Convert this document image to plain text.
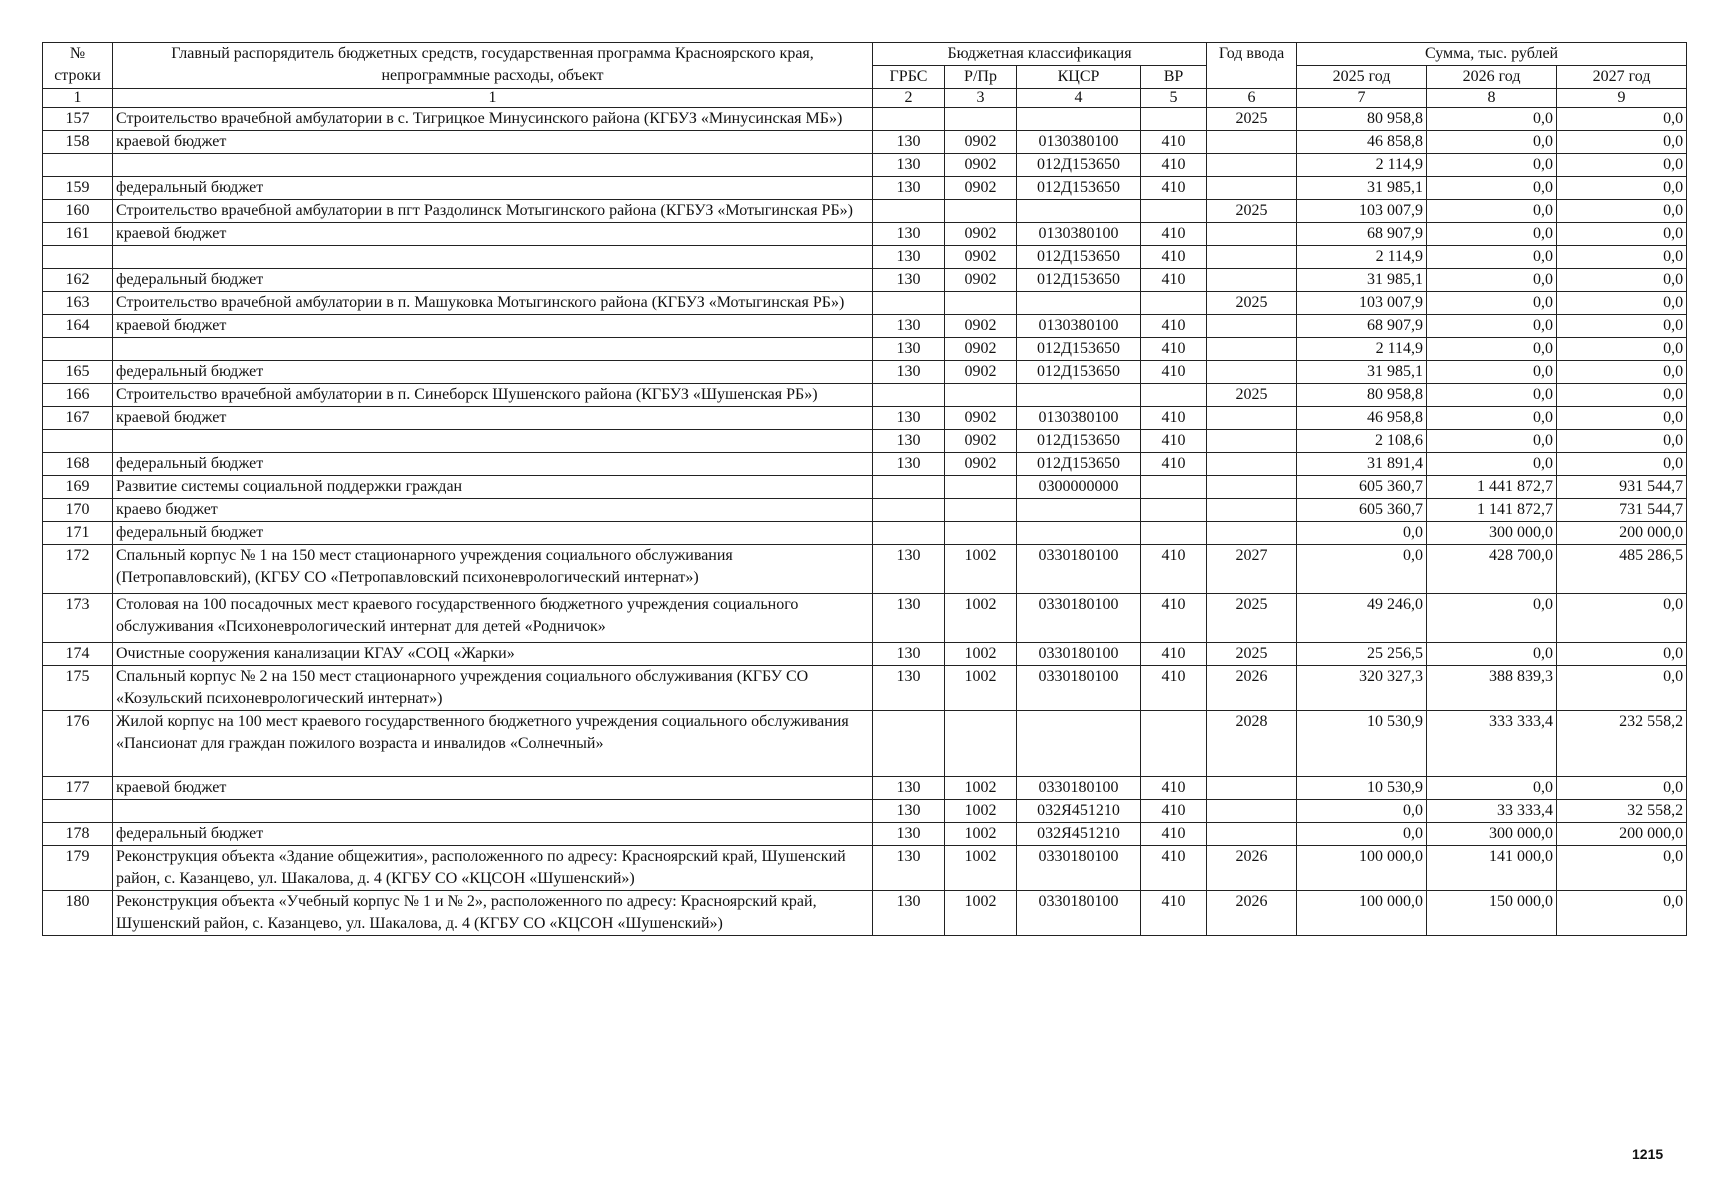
№ строки	Главный распорядитель бюджетных средств, государственная программа Красноярского края, непрограммные расходы, объект	Бюджетная классификация				Год ввода	Сумма, тыс. рублей		
		ГРБС	Р/Пр	КЦСР	ВР		2025 год	2026 год	2027 год
1	1	2	3	4	5	6	7	8	9
157	Строительство врачебной амбулатории в с. Тигрицкое Минусинского района (КГБУЗ «Минусинская МБ»)					2025	80 958,8	0,0	0,0
158	краевой бюджет	130	0902	0130380100	410		46 858,8	0,0	0,0
		130	0902	012Д153650	410		2 114,9	0,0	0,0
159	федеральный бюджет	130	0902	012Д153650	410		31 985,1	0,0	0,0
160	Строительство врачебной амбулатории в пгт Раздолинск Мотыгинского района (КГБУЗ «Мотыгинская РБ»)					2025	103 007,9	0,0	0,0
161	краевой бюджет	130	0902	0130380100	410		68 907,9	0,0	0,0
		130	0902	012Д153650	410		2 114,9	0,0	0,0
162	федеральный бюджет	130	0902	012Д153650	410		31 985,1	0,0	0,0
163	Строительство врачебной амбулатории в п. Машуковка Мотыгинского района (КГБУЗ «Мотыгинская РБ»)					2025	103 007,9	0,0	0,0
164	краевой бюджет	130	0902	0130380100	410		68 907,9	0,0	0,0
		130	0902	012Д153650	410		2 114,9	0,0	0,0
165	федеральный бюджет	130	0902	012Д153650	410		31 985,1	0,0	0,0
166	Строительство врачебной амбулатории в п. Синеборск Шушенского района (КГБУЗ «Шушенская РБ»)					2025	80 958,8	0,0	0,0
167	краевой бюджет	130	0902	0130380100	410		46 958,8	0,0	0,0
		130	0902	012Д153650	410		2 108,6	0,0	0,0
168	федеральный бюджет	130	0902	012Д153650	410		31 891,4	0,0	0,0
169	Развитие системы социальной поддержки граждан			0300000000			605 360,7	1 441 872,7	931 544,7
170	краево бюджет						605 360,7	1 141 872,7	731 544,7
171	федеральный бюджет						0,0	300 000,0	200 000,0
172	Спальный корпус № 1 на 150 мест стационарного учреждения социального обслуживания (Петропавловский), (КГБУ СО «Петропавловский психоневрологический интернат»)	130	1002	0330180100	410	2027	0,0	428 700,0	485 286,5
173	Столовая на 100 посадочных мест краевого государственного бюджетного учреждения социального обслуживания «Психоневрологический интернат для детей «Родничок»	130	1002	0330180100	410	2025	49 246,0	0,0	0,0
174	Очистные сооружения канализации КГАУ «СОЦ «Жарки»	130	1002	0330180100	410	2025	25 256,5	0,0	0,0
175	Спальный корпус № 2 на 150 мест стационарного учреждения социального обслуживания (КГБУ СО «Козульский психоневрологический интернат»)	130	1002	0330180100	410	2026	320 327,3	388 839,3	0,0
176	Жилой корпус на 100 мест краевого государственного бюджетного учреждения социального обслуживания «Пансионат для граждан пожилого возраста и инвалидов «Солнечный»					2028	10 530,9	333 333,4	232 558,2
177	краевой бюджет	130	1002	0330180100	410		10 530,9	0,0	0,0
		130	1002	032Я451210	410		0,0	33 333,4	32 558,2
178	федеральный бюджет	130	1002	032Я451210	410		0,0	300 000,0	200 000,0
179	Реконструкция объекта «Здание общежития», расположенного по адресу: Красноярский край, Шушенский район, с. Казанцево, ул. Шакалова, д. 4 (КГБУ СО «КЦСОН «Шушенский»)	130	1002	0330180100	410	2026	100 000,0	141 000,0	0,0
180	Реконструкция объекта «Учебный корпус № 1 и № 2», расположенного по адресу: Красноярский край, Шушенский район, с. Казанцево, ул. Шакалова, д. 4 (КГБУ СО «КЦСОН «Шушенский»)	130	1002	0330180100	410	2026	100 000,0	150 000,0	0,0
1215
